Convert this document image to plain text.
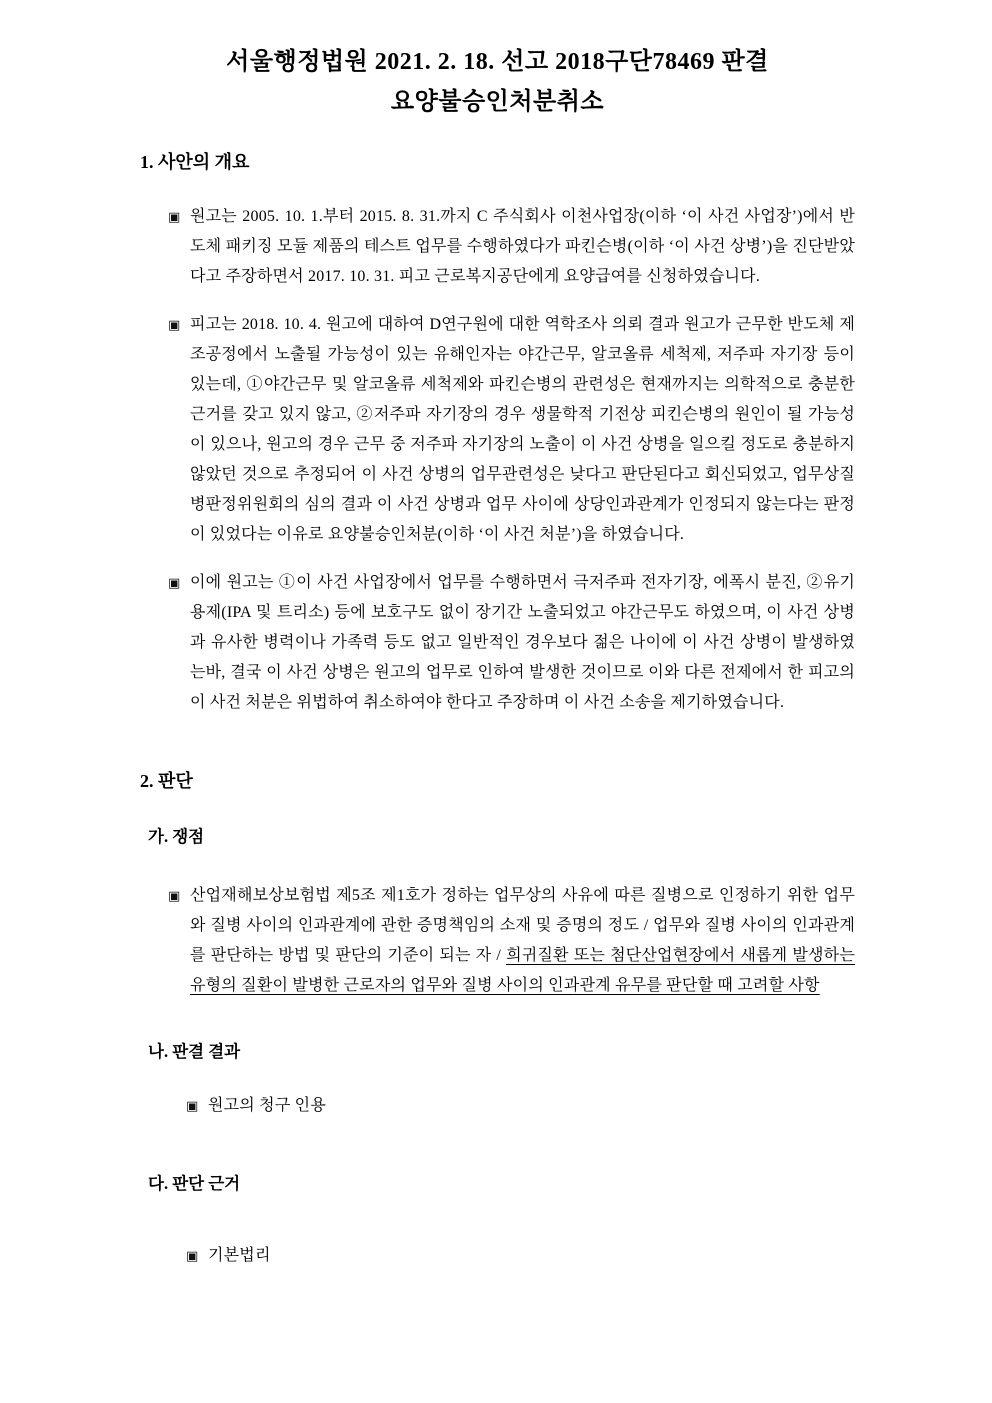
서울행정법원 2021. 2. 18. 선고 2018구단78469 판결
요양불승인처분취소
1. 사안의 개요
▣ 원고는 2005. 10. 1.부터 2015. 8. 31.까지 C 주식회사 이천사업장(이하 ‘이 사건 사업장’)에서 반도체 패키징 모듈 제품의 테스트 업무를 수행하였다가 파킨슨병(이하 ‘이 사건 상병’)을 진단받았다고 주장하면서 2017. 10. 31. 피고 근로복지공단에게 요양급여를 신청하였습니다.

▣ 피고는 2018. 10. 4. 원고에 대하여 D연구원에 대한 역학조사 의뢰 결과 원고가 근무한 반도체 제조공정에서 노출될 가능성이 있는 유해인자는 야간근무, 알코올류 세척제, 저주파 자기장 등이 있는데, ①야간근무 및 알코올류 세척제와 파킨슨병의 관련성은 현재까지는 의학적으로 충분한 근거를 갖고 있지 않고, ②저주파 자기장의 경우 생물학적 기전상 피킨슨병의 원인이 될 가능성이 있으나, 원고의 경우 근무 중 저주파 자기장의 노출이 이 사건 상병을 일으킬 정도로 충분하지 않았던 것으로 추정되어 이 사건 상병의 업무관련성은 낮다고 판단된다고 회신되었고, 업무상질병판정위원회의 심의 결과 이 사건 상병과 업무 사이에 상당인과관계가 인정되지 않는다는 판정이 있었다는 이유로 요양불승인처분(이하 ‘이 사건 처분’)을 하였습니다.

▣ 이에 원고는 ①이 사건 사업장에서 업무를 수행하면서 극저주파 전자기장, 에폭시 분진, ②유기용제(IPA 및 트리소) 등에 보호구도 없이 장기간 노출되었고 야간근무도 하였으며, 이 사건 상병과 유사한 병력이나 가족력 등도 없고 일반적인 경우보다 젊은 나이에 이 사건 상병이 발생하였는바, 결국 이 사건 상병은 원고의 업무로 인하여 발생한 것이므로 이와 다른 전제에서 한 피고의 이 사건 처분은 위법하여 취소하여야 한다고 주장하며 이 사건 소송을 제기하였습니다.

2. 판단
가. 쟁점
▣ 산업재해보상보험법 제5조 제1호가 정하는 업무상의 사유에 따른 질병으로 인정하기 위한 업무와 질병 사이의 인과관계에 관한 증명책임의 소재 및 증명의 정도 / 업무와 질병 사이의 인과관계를 판단하는 방법 및 판단의 기준이 되는 자 / 희귀질환 또는 첨단산업현장에서 새롭게 발생하는 유형의 질환이 발병한 근로자의 업무와 질병 사이의 인과관계 유무를 판단할 때 고려할 사항

나. 판결 결과
▣ 원고의 청구 인용

다. 판단 근거
▣ 기본법리
